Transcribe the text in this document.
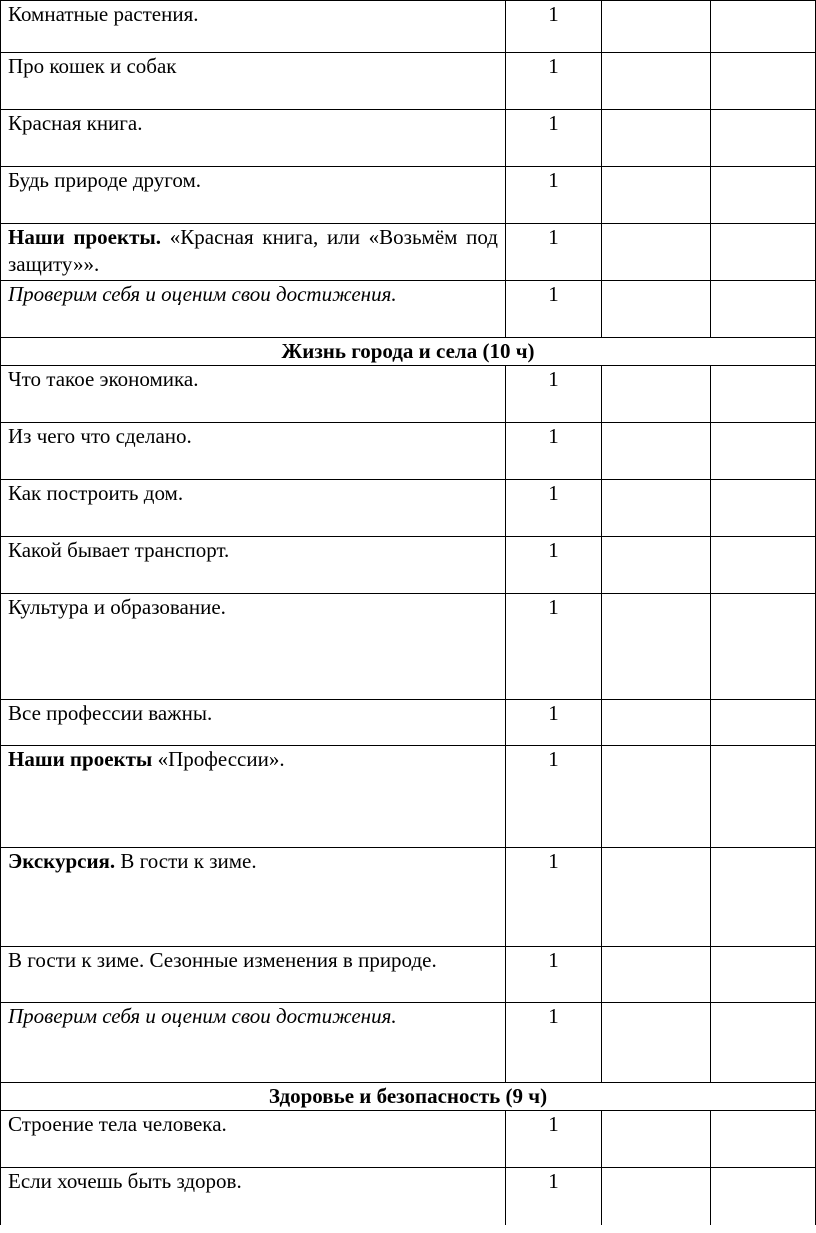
Комнатные растения.	1		

Про кошек и собак	1		

Красная книга.	1		

Будь природе другом.	1		

Наши проекты. «Красная книга, или «Возьмём под защиту»».	1		

Проверим себя и оценим свои достижения.	1		
Жизнь города и села (10 ч)			

Что такое экономика.	1		

Из чего что сделано.	1		

Как построить дом.	1		

Какой бывает транспорт.	1		

Культура и образование.	1		

Все профессии важны.	1		

Наши проекты «Профессии».	1		

Экскурсия. В гости к зиме.	1		

В гости к зиме. Сезонные изменения в природе.	1		

Проверим себя и оценим свои достижения.	1		
Здоровье и безопасность (9 ч)			

Строение тела человека.	1		

Если хочешь быть здоров.	1		
